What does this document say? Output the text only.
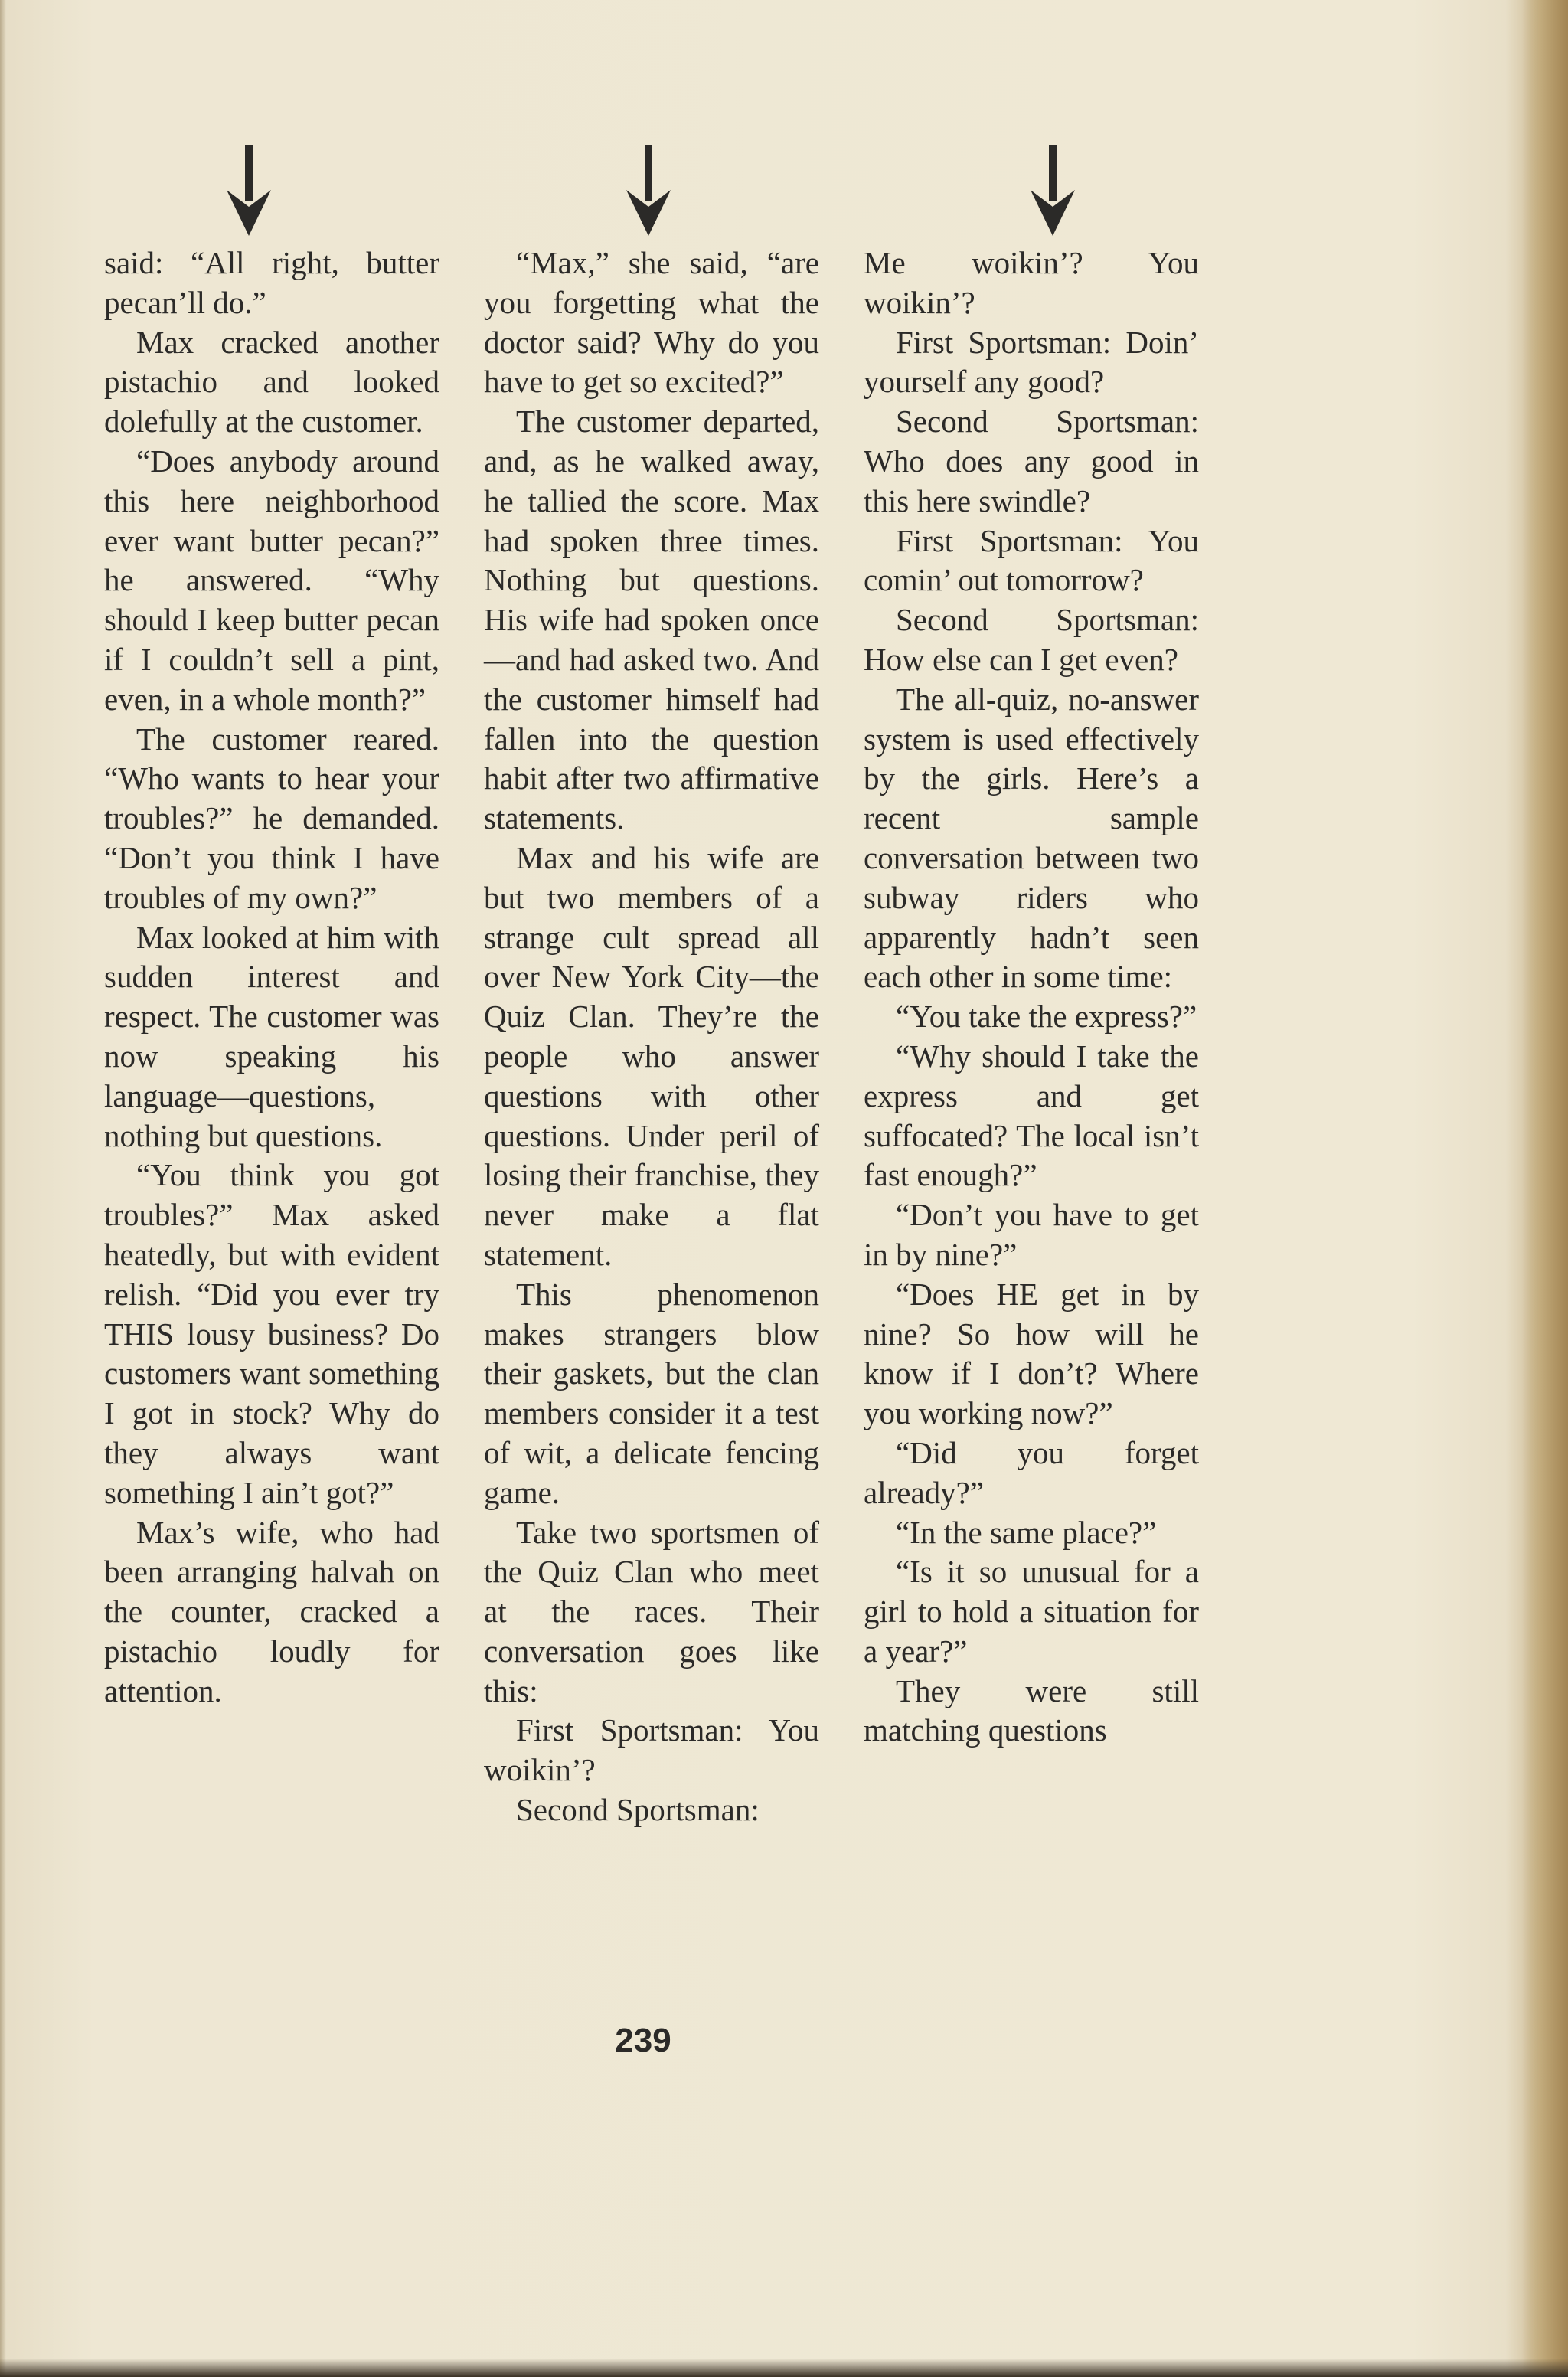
said: “All right, butter pecan’ll do.”

Max cracked another pistachio and looked dolefully at the customer.

“Does anybody around this here neighborhood ever want butter pecan?” he answered. “Why should I keep butter pecan if I couldn’t sell a pint, even, in a whole month?”

The customer reared. “Who wants to hear your troubles?” he demanded. “Don’t you think I have troubles of my own?”

Max looked at him with sudden interest and respect. The customer was now speaking his language—questions, nothing but questions.

“You think you got troubles?” Max asked heatedly, but with evident relish. “Did you ever try THIS lousy business? Do customers want something I got in stock? Why do they always want something I ain’t got?”

Max’s wife, who had been arranging halvah on the counter, cracked a pistachio loudly for attention.

“Max,” she said, “are you forgetting what the doctor said? Why do you have to get so excited?”

The customer departed, and, as he walked away, he tallied the score. Max had spoken three times. Nothing but questions. His wife had spoken once—and had asked two. And the customer himself had fallen into the question habit after two affirmative statements.

Max and his wife are but two members of a strange cult spread all over New York City—the Quiz Clan. They’re the people who answer questions with other questions. Under peril of losing their franchise, they never make a flat statement.

This phenomenon makes strangers blow their gaskets, but the clan members consider it a test of wit, a delicate fencing game.

Take two sportsmen of the Quiz Clan who meet at the races. Their conversation goes like this:

First Sportsman: You woikin’?

Second Sportsman:

Me woikin’? You woikin’?

First Sportsman: Doin’ yourself any good?

Second Sportsman: Who does any good in this here swindle?

First Sportsman: You comin’ out tomorrow?

Second Sportsman: How else can I get even?

The all-quiz, no-answer system is used effectively by the girls. Here’s a recent sample conversation between two subway riders who apparently hadn’t seen each other in some time:

“You take the express?”

“Why should I take the express and get suffocated? The local isn’t fast enough?”

“Don’t you have to get in by nine?”

“Does HE get in by nine? So how will he know if I don’t? Where you working now?”

“Did you forget already?”

“In the same place?”

“Is it so unusual for a girl to hold a situation for a year?”

They were still matching questions

239
